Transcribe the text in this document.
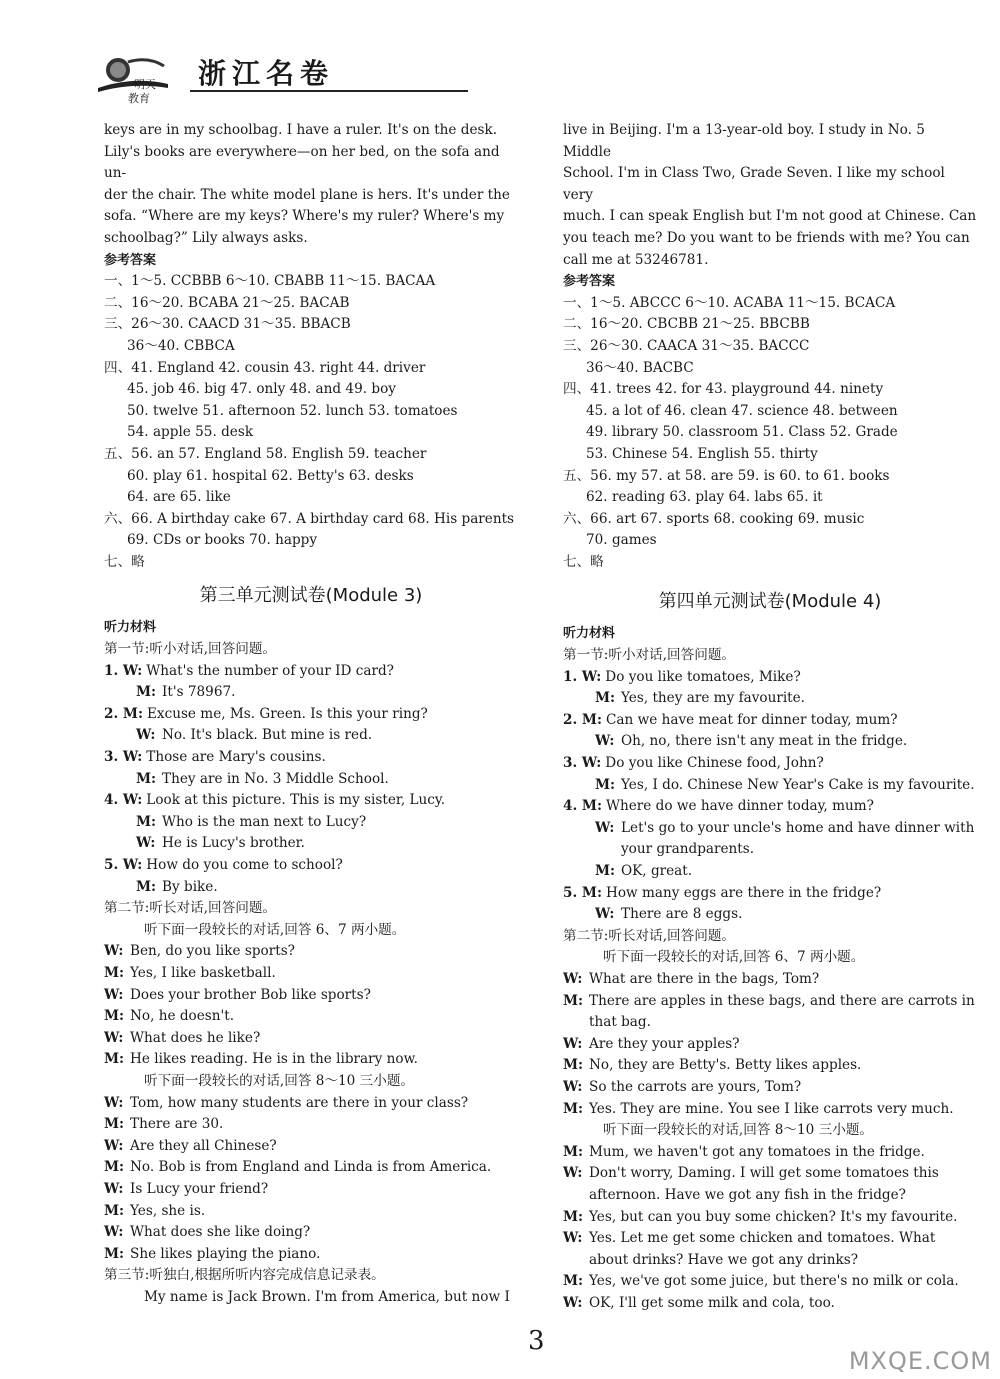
明天
教育
浙江名卷

keys are in my schoolbag. I have a ruler. It's on the desk.

Lily's books are everywhere—on her bed, on the sofa and un-

der the chair. The white model plane is hers. It's under the

sofa. “Where are my keys? Where's my ruler? Where's my

schoolbag?” Lily always asks.

参考答案

一、1～5. CCBBB 6～10. CBABB 11～15. BACAA

二、16～20. BCABA 21～25. BACAB

三、26～30. CAACD 31～35. BBACB

36～40. CBBCA

四、41. England 42. cousin 43. right 44. driver

45. job 46. big 47. only 48. and 49. boy

50. twelve 51. afternoon 52. lunch 53. tomatoes

54. apple 55. desk

五、56. an 57. England 58. English 59. teacher

60. play 61. hospital 62. Betty's 63. desks

64. are 65. like

六、66. A birthday cake 67. A birthday card 68. His parents

69. CDs or books 70. happy

七、略

第三单元测试卷(Module 3)

听力材料

第一节:听小对话,回答问题。

1. W: What's the number of your ID card?

M: It's 78967.

2. M: Excuse me, Ms. Green. Is this your ring?

W: No. It's black. But mine is red.

3. W: Those are Mary's cousins.

M: They are in No. 3 Middle School.

4. W: Look at this picture. This is my sister, Lucy.

M: Who is the man next to Lucy?

W: He is Lucy's brother.

5. W: How do you come to school?

M: By bike.

第二节:听长对话,回答问题。

听下面一段较长的对话,回答 6、7 两小题。

W: Ben, do you like sports?

M: Yes, I like basketball.

W: Does your brother Bob like sports?

M: No, he doesn't.

W: What does he like?

M: He likes reading. He is in the library now.

听下面一段较长的对话,回答 8～10 三小题。

W: Tom, how many students are there in your class?

M: There are 30.

W: Are they all Chinese?

M: No. Bob is from England and Linda is from America.

W: Is Lucy your friend?

M: Yes, she is.

W: What does she like doing?

M: She likes playing the piano.

第三节:听独白,根据所听内容完成信息记录表。

My name is Jack Brown. I'm from America, but now I

live in Beijing. I'm a 13-year-old boy. I study in No. 5 Middle

School. I'm in Class Two, Grade Seven. I like my school very

much. I can speak English but I'm not good at Chinese. Can

you teach me? Do you want to be friends with me? You can

call me at 53246781.

参考答案

一、1～5. ABCCC 6～10. ACABA 11～15. BCACA

二、16～20. CBCBB 21～25. BBCBB

三、26～30. CAACA 31～35. BACCC

36～40. BACBC

四、41. trees 42. for 43. playground 44. ninety

45. a lot of 46. clean 47. science 48. between

49. library 50. classroom 51. Class 52. Grade

53. Chinese 54. English 55. thirty

五、56. my 57. at 58. are 59. is 60. to 61. books

62. reading 63. play 64. labs 65. it

六、66. art 67. sports 68. cooking 69. music

70. games

七、略

第四单元测试卷(Module 4)

听力材料

第一节:听小对话,回答问题。

1. W: Do you like tomatoes, Mike?

M: Yes, they are my favourite.

2. M: Can we have meat for dinner today, mum?

W: Oh, no, there isn't any meat in the fridge.

3. W: Do you like Chinese food, John?

M: Yes, I do. Chinese New Year's Cake is my favourite.

4. M: Where do we have dinner today, mum?

W: Let's go to your uncle's home and have dinner with your grandparents.

M: OK, great.

5. M: How many eggs are there in the fridge?

W: There are 8 eggs.

第二节:听长对话,回答问题。

听下面一段较长的对话,回答 6、7 两小题。

W: What are there in the bags, Tom?

M: There are apples in these bags, and there are carrots in that bag.

W: Are they your apples?

M: No, they are Betty's. Betty likes apples.

W: So the carrots are yours, Tom?

M: Yes. They are mine. You see I like carrots very much.

听下面一段较长的对话,回答 8～10 三小题。

M: Mum, we haven't got any tomatoes in the fridge.

W: Don't worry, Daming. I will get some tomatoes this afternoon. Have we got any fish in the fridge?

M: Yes, but can you buy some chicken? It's my favourite.

W: Yes. Let me get some chicken and tomatoes. What about drinks? Have we got any drinks?

M: Yes, we've got some juice, but there's no milk or cola.

W: OK, I'll get some milk and cola, too.

3
MXQE.COM
